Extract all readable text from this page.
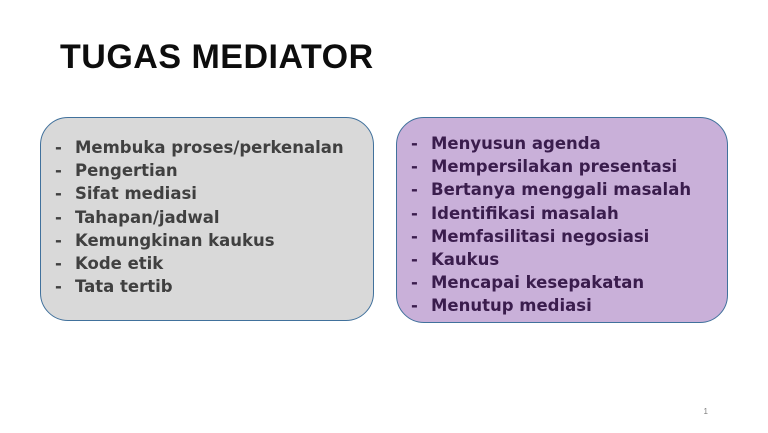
TUGAS MEDIATOR
- Membuka proses/perkenalan
- Pengertian
- Sifat mediasi
- Tahapan/jadwal
- Kemungkinan kaukus
- Kode etik
- Tata tertib
- Menyusun agenda
- Mempersilakan presentasi
- Bertanya menggali masalah
- Identifikasi masalah
- Memfasilitasi negosiasi
- Kaukus
- Mencapai kesepakatan
- Menutup mediasi
1
